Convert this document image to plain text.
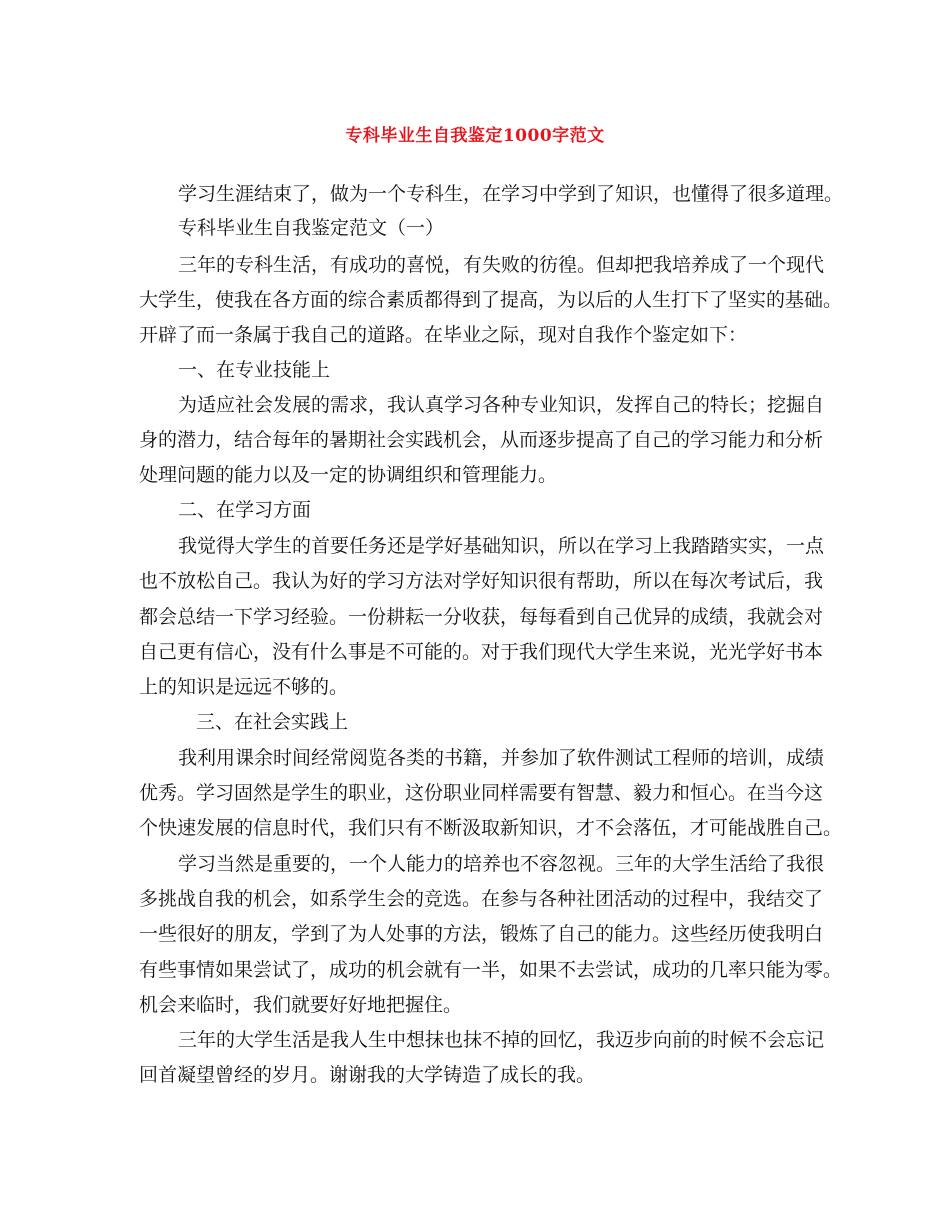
专科毕业生自我鉴定1000字范文
学习生涯结束了，做为一个专科生，在学习中学到了知识，也懂得了很多道理。
专科毕业生自我鉴定范文（一）
三年的专科生活，有成功的喜悦，有失败的彷徨。但却把我培养成了一个现代
大学生，使我在各方面的综合素质都得到了提高，为以后的人生打下了坚实的基础。
开辟了而一条属于我自己的道路。在毕业之际，现对自我作个鉴定如下：
一、在专业技能上
为适应社会发展的需求，我认真学习各种专业知识，发挥自己的特长；挖掘自
身的潜力，结合每年的暑期社会实践机会，从而逐步提高了自己的学习能力和分析
处理问题的能力以及一定的协调组织和管理能力。
二、在学习方面
我觉得大学生的首要任务还是学好基础知识，所以在学习上我踏踏实实，一点
也不放松自己。我认为好的学习方法对学好知识很有帮助，所以在每次考试后，我
都会总结一下学习经验。一份耕耘一分收获，每每看到自己优异的成绩，我就会对
自己更有信心，没有什么事是不可能的。对于我们现代大学生来说，光光学好书本
上的知识是远远不够的。
三、在社会实践上
我利用课余时间经常阅览各类的书籍，并参加了软件测试工程师的培训，成绩
优秀。学习固然是学生的职业，这份职业同样需要有智慧、毅力和恒心。在当今这
个快速发展的信息时代，我们只有不断汲取新知识，才不会落伍，才可能战胜自己。
学习当然是重要的，一个人能力的培养也不容忽视。三年的大学生活给了我很
多挑战自我的机会，如系学生会的竞选。在参与各种社团活动的过程中，我结交了
一些很好的朋友，学到了为人处事的方法，锻炼了自己的能力。这些经历使我明白
有些事情如果尝试了，成功的机会就有一半，如果不去尝试，成功的几率只能为零。
机会来临时，我们就要好好地把握住。
三年的大学生活是我人生中想抹也抹不掉的回忆，我迈步向前的时候不会忘记
回首凝望曾经的岁月。谢谢我的大学铸造了成长的我。
